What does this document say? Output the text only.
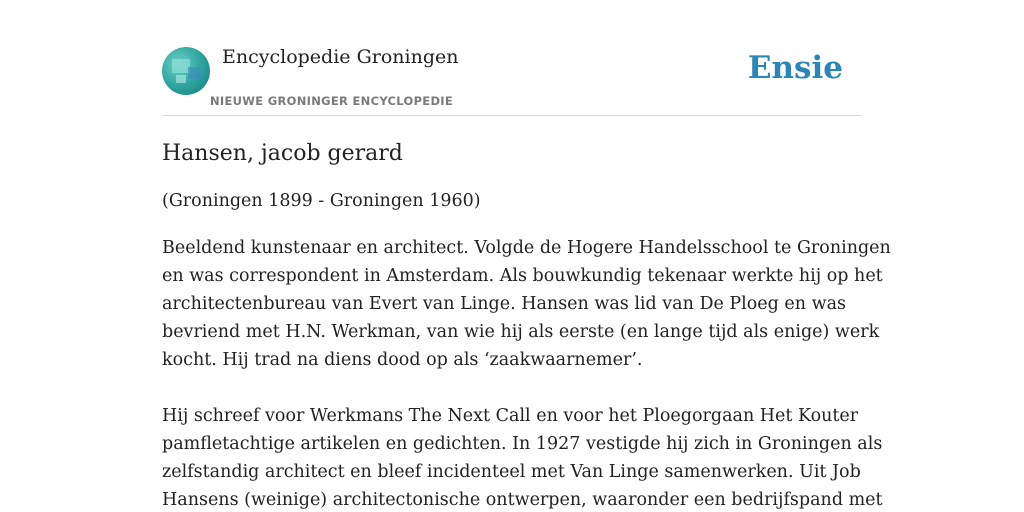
Encyclopedie Groningen
NIEUWE GRONINGER ENCYCLOPEDIE
Ensie
Hansen, jacob gerard

(Groningen 1899 - Groningen 1960)

Beeldend kunstenaar en architect. Volgde de Hogere Handelsschool te Groningen
en was correspondent in Amsterdam. Als bouwkundig tekenaar werkte hij op het
architectenbureau van Evert van Linge. Hansen was lid van De Ploeg en was
bevriend met H.N. Werkman, van wie hij als eerste (en lange tijd als enige) werk
kocht. Hij trad na diens dood op als ‘zaakwaarnemer’.

Hij schreef voor Werkmans The Next Call en voor het Ploegorgaan Het Kouter
pamfletachtige artikelen en gedichten. In 1927 vestigde hij zich in Groningen als
zelfstandig architect en bleef incidenteel met Van Linge samenwerken. Uit Job
Hansens (weinige) architectonische ontwerpen, waaronder een bedrijfspand met
